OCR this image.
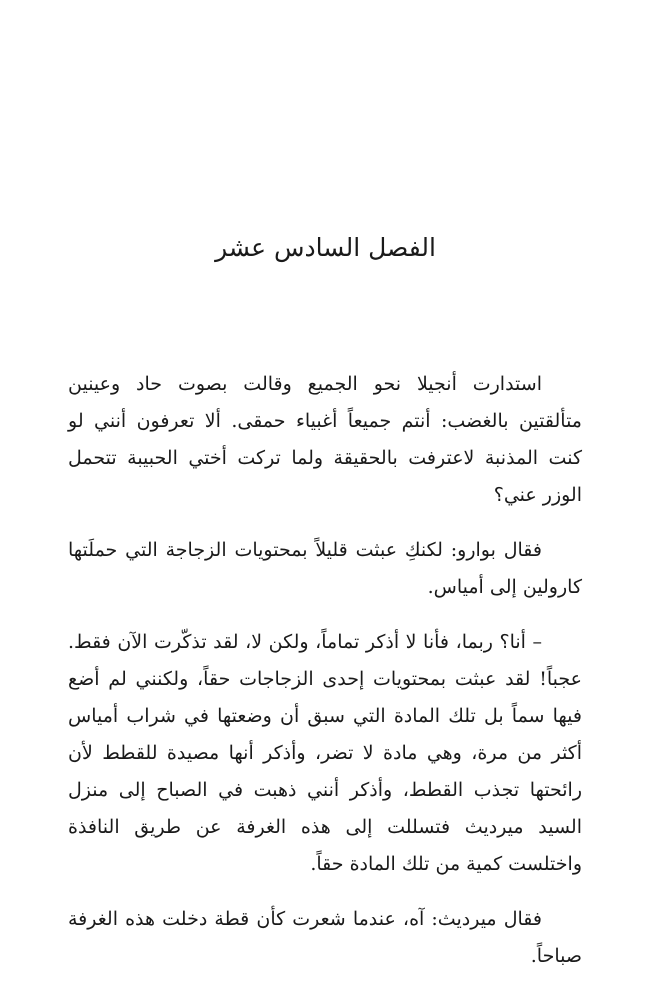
الفصل السادس عشر

استدارت أنجيلا نحو الجميع وقالت بصوت حاد وعينين متألقتين بالغضب: أنتم جميعاً أغبياء حمقى. ألا تعرفون أنني لو كنت المذنبة لاعترفت بالحقيقة ولما تركت أختي الحبيبة تتحمل الوزر عني؟

فقال بوارو: لكنكِ عبثت قليلاً بمحتويات الزجاجة التي حملَتها كارولين إلى أمياس.

– أنا؟ ربما، فأنا لا أذكر تماماً، ولكن لا، لقد تذكّرت الآن فقط. عجباً! لقد عبثت بمحتويات إحدى الزجاجات حقاً، ولكنني لم أضع فيها سماً بل تلك المادة التي سبق أن وضعتها في شراب أمياس أكثر من مرة، وهي مادة لا تضر، وأذكر أنها مصيدة للقطط لأن رائحتها تجذب القطط، وأذكر أنني ذهبت في الصباح إلى منزل السيد ميرديث فتسللت إلى هذه الغرفة عن طريق النافذة واختلست كمية من تلك المادة حقاً.

فقال ميرديث: آه، عندما شعرت كأن قطة دخلت هذه الغرفة صباحاً.
